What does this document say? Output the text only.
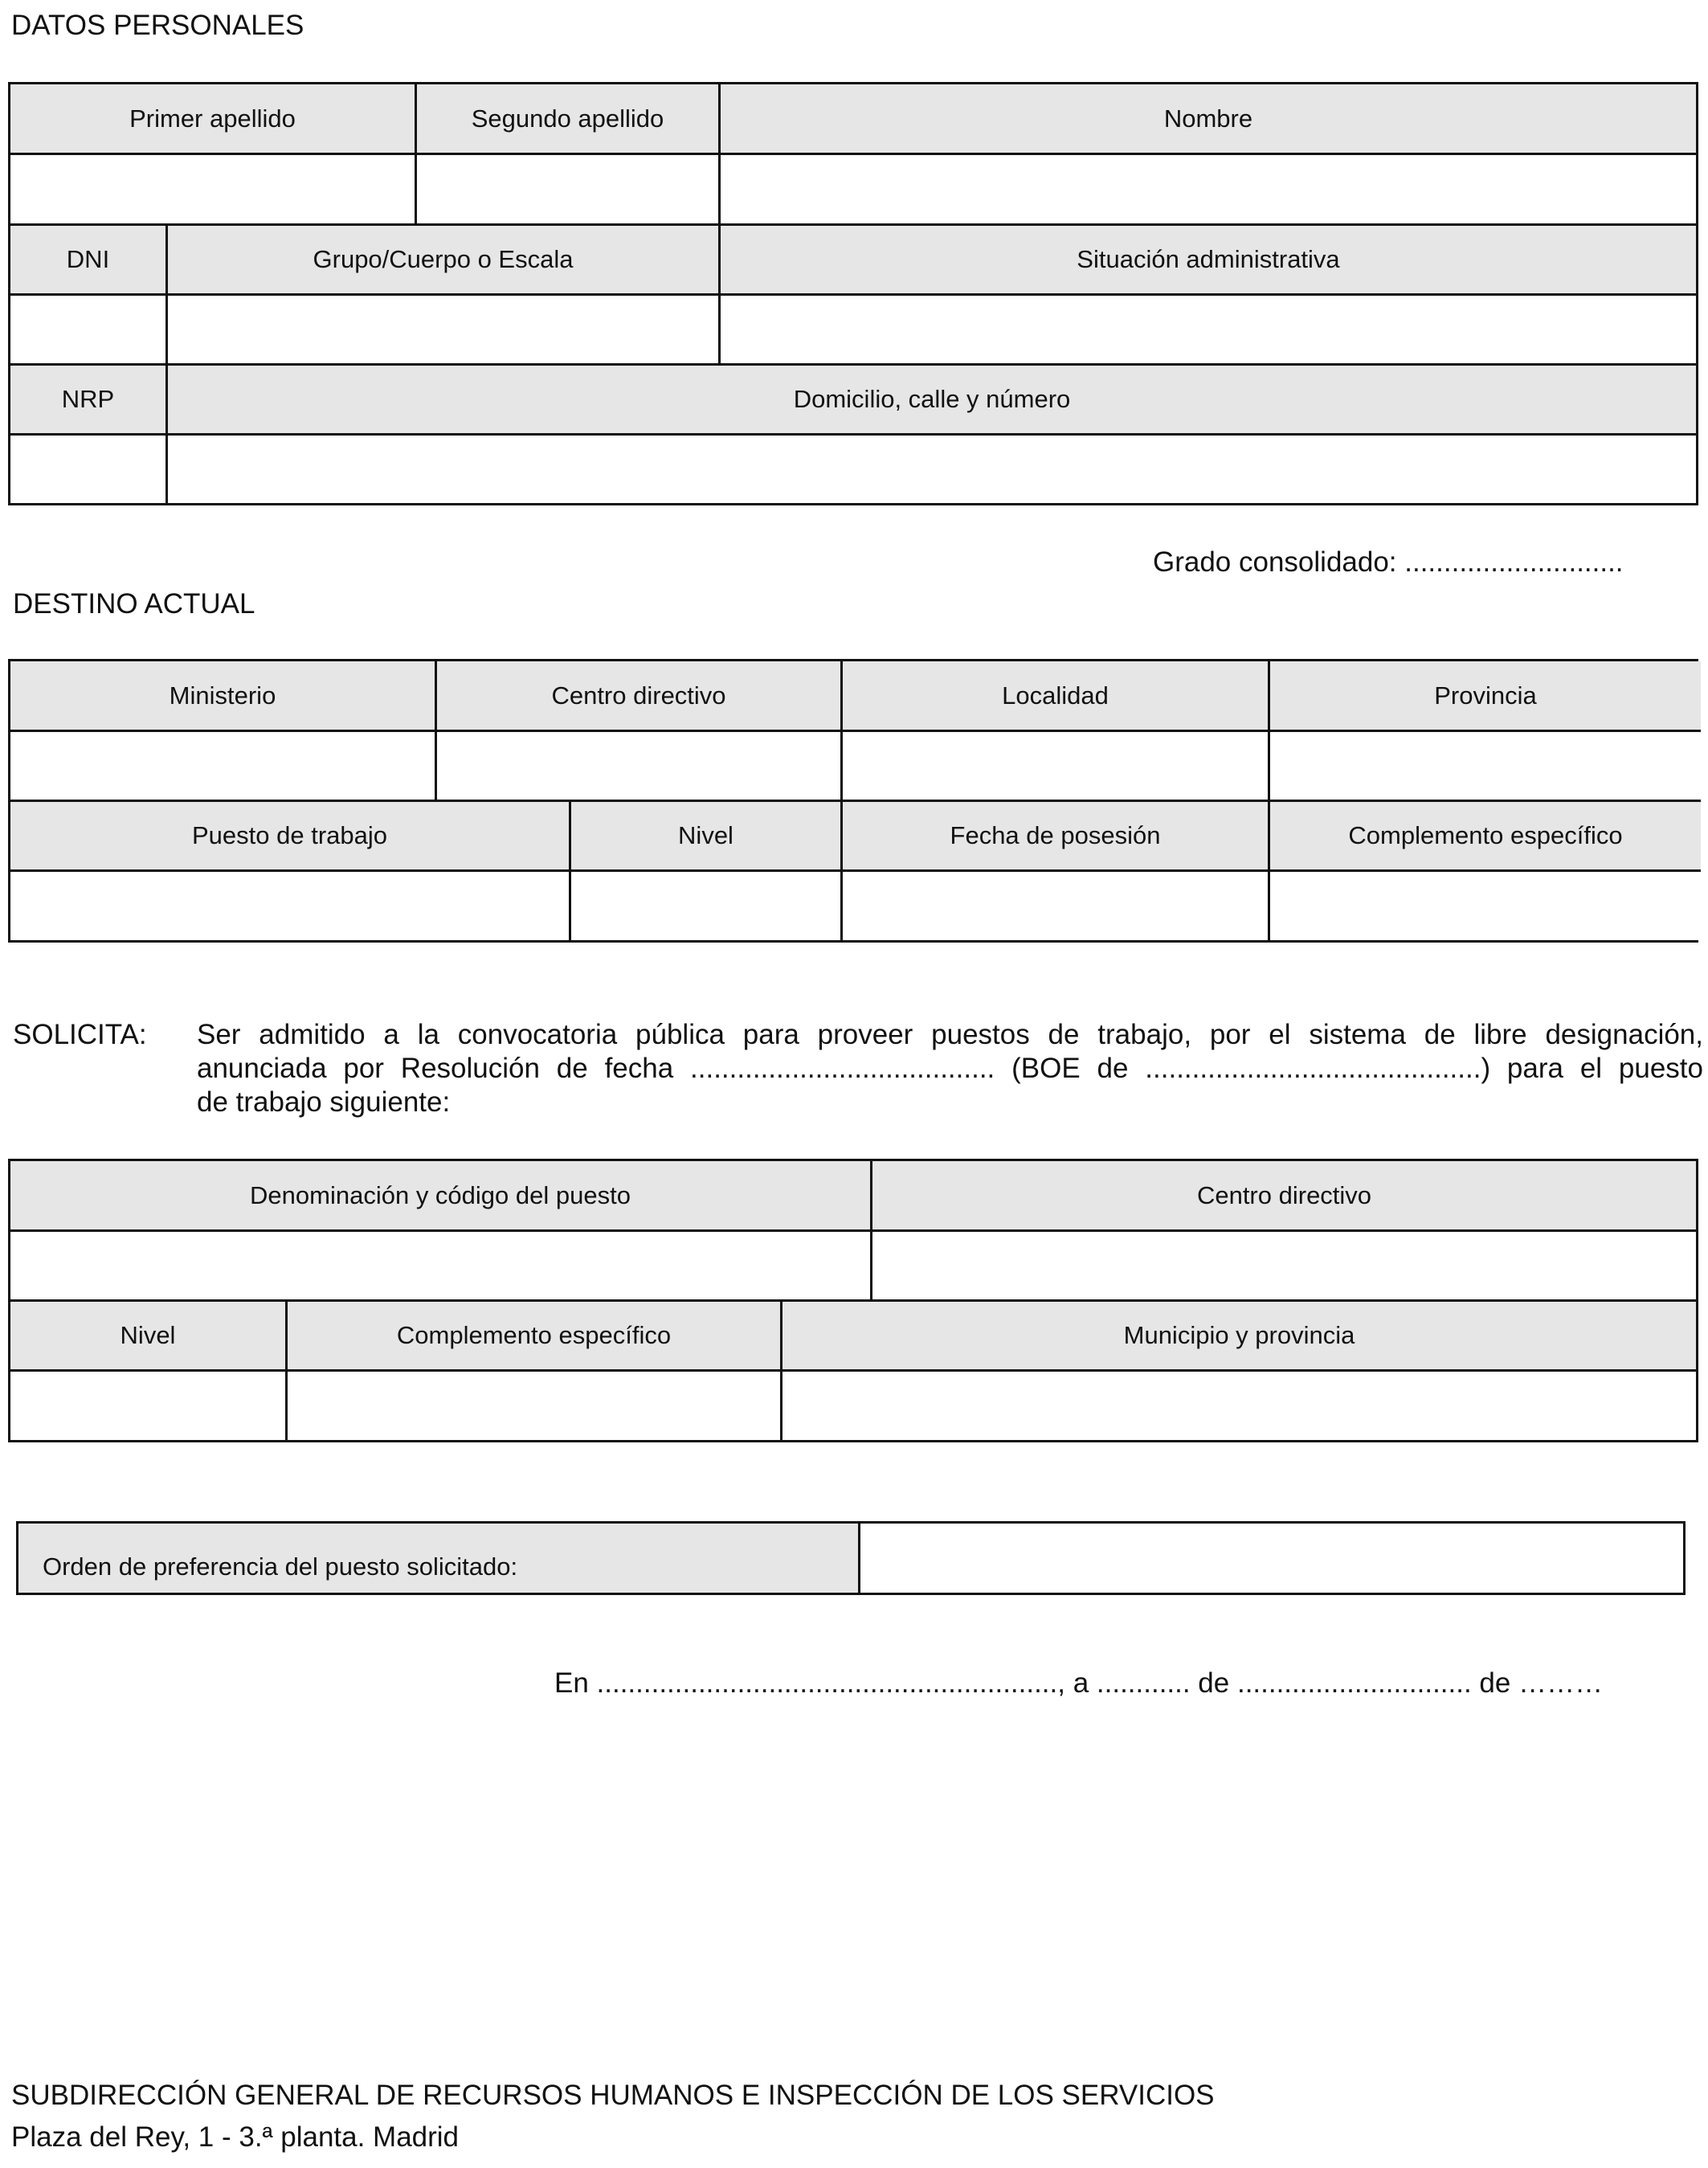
DATOS PERSONALES
Primer apellido	Segundo apellido	Nombre
DNI	Grupo/Cuerpo o Escala	Situación administrativa
NRP	Domicilio, calle y número
Grado consolidado: ............................
DESTINO ACTUAL
Ministerio	Centro directivo	Localidad	Provincia
Puesto de trabajo	Nivel	Fecha de posesión	Complemento específico
SOLICITA: Ser admitido a la convocatoria pública para proveer puestos de trabajo, por el sistema de libre designación,
anunciada por Resolución de fecha ....................................... (BOE de ...........................................) para el puesto
de trabajo siguiente:
Denominación y código del puesto	Centro directivo
Nivel	Complemento específico	Municipio y provincia
Orden de preferencia del puesto solicitado:
En ..........................................................., a ............ de .............................. de ………
SUBDIRECCIÓN GENERAL DE RECURSOS HUMANOS E INSPECCIÓN DE LOS SERVICIOS
Plaza del Rey, 1 - 3.ª planta. Madrid
